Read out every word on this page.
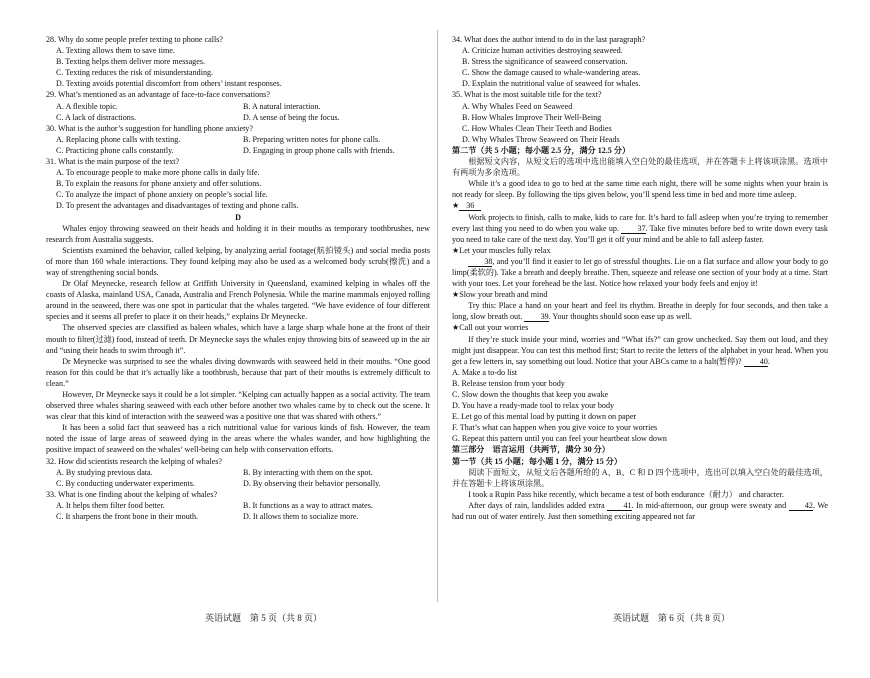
28. Why do some people prefer texting to phone calls?

A. Texting allows them to save time.

B. Texting helps them deliver more messages.

C. Texting reduces the risk of misunderstanding.

D. Texting avoids potential discomfort from others’ instant responses.

29. What’s mentioned as an advantage of face-to-face conversations?

A. A flexible topic.	B. A natural interaction.
C. A lack of distractions.	D. A sense of being the focus.

30. What is the author’s suggestion for handling phone anxiety?

A. Replacing phone calls with texting.	B. Preparing written notes for phone calls.
C. Practicing phone calls constantly.	D. Engaging in group phone calls with friends.

31. What is the main purpose of the text?

A. To encourage people to make more phone calls in daily life.

B. To explain the reasons for phone anxiety and offer solutions.

C. To analyze the impact of phone anxiety on people’s social life.

D. To present the advantages and disadvantages of texting and phone calls.

D

Whales enjoy throwing seaweed on their heads and holding it in their mouths as temporary toothbrushes, new research from Australia suggests.

Scientists examined the behavior, called kelping, by analyzing aerial footage(航拍镜头) and social media posts of more than 160 whale interactions. They found kelping may also be used as a welcomed body scrub(擦洗) and a way of strengthening social bonds.

Dr Olaf Meynecke, research fellow at Griffith University in Queensland, examined kelping in whales off the coasts of Alaska, mainland USA, Canada, Australia and French Polynesia. While the marine mammals enjoyed rolling around in the seaweed, there was one spot in particular that the whales targeted. “We have evidence of four different species and it seems all prefer to place it on their heads,” explains Dr Meynecke.

The observed species are classified as baleen whales, which have a large sharp whale bone at the front of their mouth to filter(过滤) food, instead of teeth. Dr Meynecke says the whales enjoy throwing bits of seaweed up in the air and “using their heads to swim through it”.

Dr Meynecke was surprised to see the whales diving downwards with seaweed held in their mouths. “One good reason for this could be that it’s actually like a toothbrush, because that part of their mouths is extremely difficult to clean.”

However, Dr Meynecke says it could be a lot simpler. “Kelping can actually happen as a social activity. The team observed three whales sharing seaweed with each other before another two whales came by to check out the scene. It was clear that this kind of interaction with the seaweed was a positive one that was shared with others.”

It has been a solid fact that seaweed has a rich nutritional value for various kinds of fish. However, the team noted the issue of large areas of seaweed dying in the areas where the whales wander, and how highlighting the positive impact of seaweed on the whales’ well-being can help with conservation efforts.

32. How did scientists research the kelping of whales?

A. By studying previous data.	B. By interacting with them on the spot.
C. By conducting underwater experiments.	D. By observing their behavior personally.

33. What is one finding about the kelping of whales?

A. It helps them filter food better.	B. It functions as a way to attract mates.
C. It sharpens the front bone in their mouth.	D. It allows them to socialize more.

34. What does the author intend to do in the last paragraph?

A. Criticize human activities destroying seaweed.

B. Stress the significance of seaweed conservation.

C. Show the damage caused to whale-wandering areas.

D. Explain the nutritional value of seaweed for whales.

35. What is the most suitable title for the text?

A. Why Whales Feed on Seaweed

B. How Whales Improve Their Well-Being

C. How Whales Clean Their Teeth and Bodies

D. Why Whales Throw Seaweed on Their Heads

第二节（共 5 小题；每小题 2.5 分，满分 12.5 分）

根据短文内容，从短文后的选项中选出能填入空白处的最佳选项，并在答题卡上将该项涂黑。选项中有两项为多余选项。

While it’s a good idea to go to bed at the same time each night, there will be some nights when your brain is not ready for sleep. By following the tips given below, you’ll spend less time in bed and more time asleep.

★ 36

Work projects to finish, calls to make, kids to care for. It’s hard to fall asleep when you’re trying to remember every last thing you need to do when you wake up. 37. Take five minutes before bed to write down every task you need to take care of the next day. You’ll get it off your mind and be able to fall asleep faster.

★Let your muscles fully relax

38, and you’ll find it easier to let go of stressful thoughts. Lie on a flat surface and allow your body to go limp(柔软的). Take a breath and deeply breathe. Then, squeeze and release one section of your body at a time. Start with your toes. Let your forehead be the last. Notice how relaxed your body feels and enjoy it!

★Slow your breath and mind

Try this: Place a hand on your heart and feel its rhythm. Breathe in deeply for four seconds, and then take a long, slow breath out. 39. Your thoughts should soon ease up as well.

★Call out your worries

If they’re stuck inside your mind, worries and “What ifs?” can grow unchecked. Say them out loud, and they might just disappear. You can test this method first; Start to recite the letters of the alphabet in your head. When you get a few letters in, say something out loud. Notice that your ABCs came to a halt(暂停)? 40.

A. Make a to-do list

B. Release tension from your body

C. Slow down the thoughts that keep you awake

D. You have a ready-made tool to relax your body

E. Let go of this mental load by putting it down on paper

F. That’s what can happen when you give voice to your worries

G. Repeat this pattern until you can feel your heartbeat slow down

第三部分　语言运用（共两节，满分 30 分）

第一节（共 15 小题；每小题 1 分，满分 15 分）

阅读下面短文，从短文后各题所给的 A、B、C 和 D 四个选项中，选出可以填入空白处的最佳选项，并在答题卡上将该项涂黑。

I took a Rupin Pass hike recently, which became a test of both endurance（耐力） and character.

After days of rain, landslides added extra 41. In mid-afternoon, our group were sweaty and 42. We had run out of water entirely. Just then something exciting appeared not far

英语试题　第 5 页（共 8 页）	英语试题　第 6 页（共 8 页）
